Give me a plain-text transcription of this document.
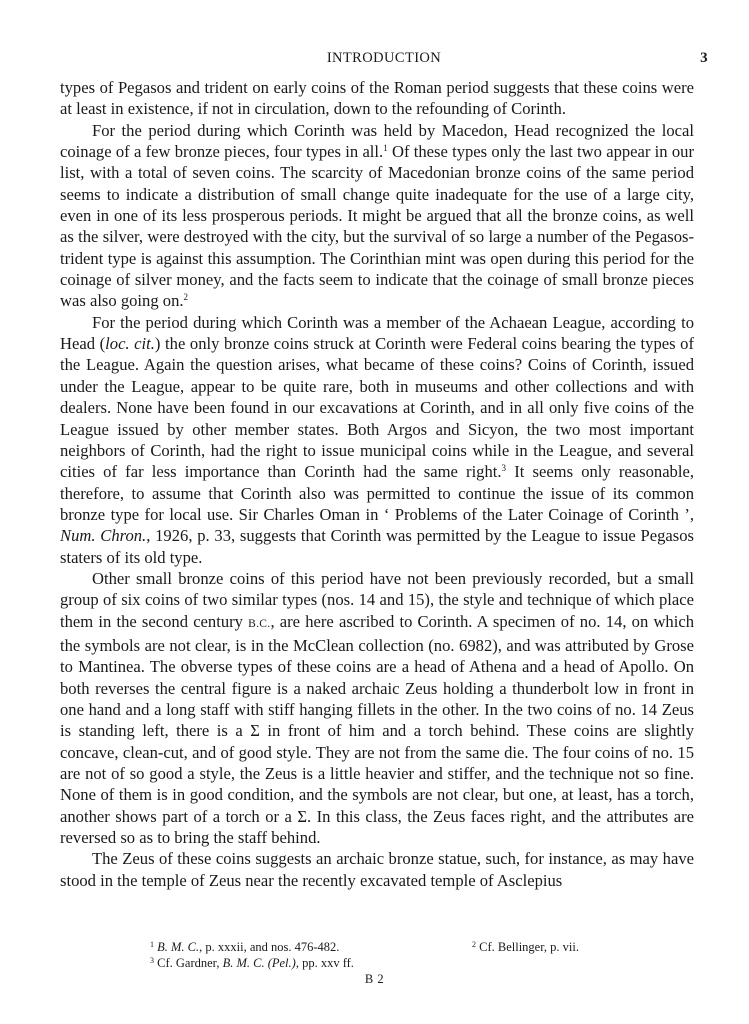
INTRODUCTION	3

types of Pegasos and trident on early coins of the Roman period suggests that these coins were at least in existence, if not in circulation, down to the refounding of Corinth.

For the period during which Corinth was held by Macedon, Head recognized the local coinage of a few bronze pieces, four types in all.$^1$ Of these types only the last two appear in our list, with a total of seven coins. The scarcity of Macedonian bronze coins of the same period seems to indicate a distribution of small change quite inadequate for the use of a large city, even in one of its less prosperous periods. It might be argued that all the bronze coins, as well as the silver, were destroyed with the city, but the survival of so large a number of the Pegasos-trident type is against this assumption. The Corinthian mint was open during this period for the coinage of silver money, and the facts seem to indicate that the coinage of small bronze pieces was also going on.$^2$

For the period during which Corinth was a member of the Achaean League, according to Head (loc. cit.) the only bronze coins struck at Corinth were Federal coins bearing the types of the League. Again the question arises, what became of these coins? Coins of Corinth, issued under the League, appear to be quite rare, both in museums and other collections and with dealers. None have been found in our excavations at Corinth, and in all only five coins of the League issued by other member states. Both Argos and Sicyon, the two most important neighbors of Corinth, had the right to issue municipal coins while in the League, and several cities of far less importance than Corinth had the same right.$^3$ It seems only reasonable, therefore, to assume that Corinth also was permitted to continue the issue of its common bronze type for local use. Sir Charles Oman in ‘ Problems of the Later Coinage of Corinth ’, Num. Chron., 1926, p. 33, suggests that Corinth was permitted by the League to issue Pegasos staters of its old type.

Other small bronze coins of this period have not been previously recorded, but a small group of six coins of two similar types (nos. 14 and 15), the style and technique of which place them in the second century B.C., are here ascribed to Corinth. A specimen of no. 14, on which the symbols are not clear, is in the McClean collection (no. 6982), and was attributed by Grose to Mantinea. The obverse types of these coins are a head of Athena and a head of Apollo. On both reverses the central figure is a naked archaic Zeus holding a thunderbolt low in front in one hand and a long staff with stiff hanging fillets in the other. In the two coins of no. 14 Zeus is standing left, there is a Σ in front of him and a torch behind. These coins are slightly concave, clean-cut, and of good style. They are not from the same die. The four coins of no. 15 are not of so good a style, the Zeus is a little heavier and stiffer, and the technique not so fine. None of them is in good condition, and the symbols are not clear, but one, at least, has a torch, another shows part of a torch or a Σ. In this class, the Zeus faces right, and the attributes are reversed so as to bring the staff behind.

The Zeus of these coins suggests an archaic bronze statue, such, for instance, as may have stood in the temple of Zeus near the recently excavated temple of Asclepius

$^1$ B. M. C., p. xxxii, and nos. 476-482.	$^2$ Cf. Bellinger, p. vii.
$^3$ Cf. Gardner, B. M. C. (Pel.), pp. xxv ff.
B 2
